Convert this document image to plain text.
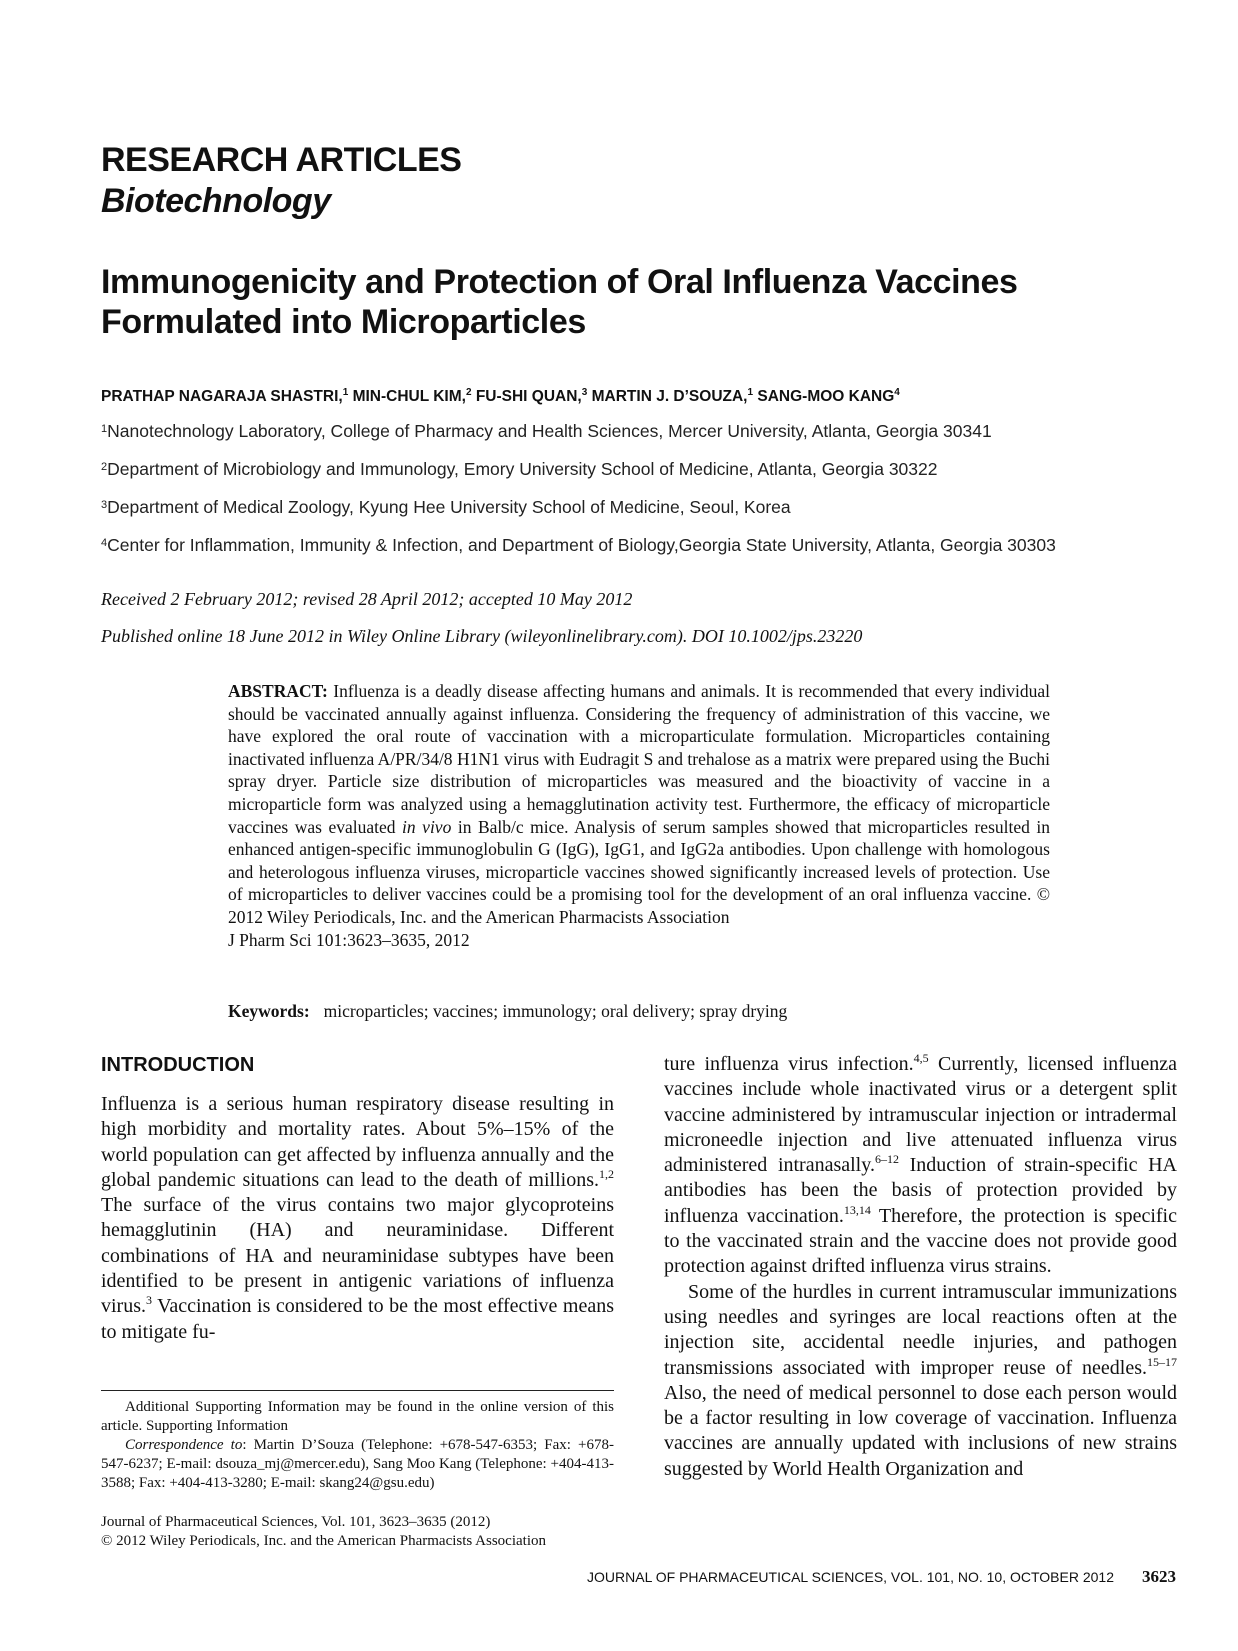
RESEARCH ARTICLES
Biotechnology
Immunogenicity and Protection of Oral Influenza Vaccines
Formulated into Microparticles
PRATHAP NAGARAJA SHASTRI,$^1$ MIN-CHUL KIM,$^2$ FU-SHI QUAN,$^3$ MARTIN J. D’SOUZA,$^1$ SANG-MOO KANG$^4$
$^1$Nanotechnology Laboratory, College of Pharmacy and Health Sciences, Mercer University, Atlanta, Georgia 30341
$^2$Department of Microbiology and Immunology, Emory University School of Medicine, Atlanta, Georgia 30322
$^3$Department of Medical Zoology, Kyung Hee University School of Medicine, Seoul, Korea
$^4$Center for Inflammation, Immunity & Infection, and Department of Biology,Georgia State University, Atlanta, Georgia 30303
Received 2 February 2012; revised 28 April 2012; accepted 10 May 2012
Published online 18 June 2012 in Wiley Online Library (wileyonlinelibrary.com). DOI 10.1002/jps.23220
ABSTRACT: Influenza is a deadly disease affecting humans and animals. It is recommended that every individual should be vaccinated annually against influenza. Considering the frequency of administration of this vaccine, we have explored the oral route of vaccination with a microparticulate formulation. Microparticles containing inactivated influenza A/PR/34/8 H1N1 virus with Eudragit S and trehalose as a matrix were prepared using the Buchi spray dryer. Particle size distribution of microparticles was measured and the bioactivity of vaccine in a microparticle form was analyzed using a hemagglutination activity test. Furthermore, the efficacy of microparticle vaccines was evaluated in vivo in Balb/c mice. Analysis of serum samples showed that microparticles resulted in enhanced antigen-specific immunoglobulin G (IgG), IgG1, and IgG2a antibodies. Upon challenge with homologous and heterologous influenza viruses, microparticle vaccines showed significantly increased levels of protection. Use of microparticles to deliver vaccines could be a promising tool for the development of an oral influenza vaccine. © 2012 Wiley Periodicals, Inc. and the American Pharmacists Association
J Pharm Sci 101:3623–3635, 2012
Keywords: microparticles; vaccines; immunology; oral delivery; spray drying
INTRODUCTION

Influenza is a serious human respiratory disease resulting in high morbidity and mortality rates. About 5%–15% of the world population can get affected by influenza annually and the global pandemic situations can lead to the death of millions.$^{1,2}$ The surface of the virus contains two major glycoproteins hemagglutinin (HA) and neuraminidase. Different combinations of HA and neuraminidase subtypes have been identified to be present in antigenic variations of influenza virus.$^3$ Vaccination is considered to be the most effective means to mitigate fu-

Additional Supporting Information may be found in the online version of this article. Supporting Information

Correspondence to: Martin D’Souza (Telephone: +678-547-6353; Fax: +678-547-6237; E-mail: dsouza_mj@mercer.edu), Sang Moo Kang (Telephone: +404-413-3588; Fax: +404-413-3280; E-mail: skang24@gsu.edu)

Journal of Pharmaceutical Sciences, Vol. 101, 3623–3635 (2012)
© 2012 Wiley Periodicals, Inc. and the American Pharmacists Association

ture influenza virus infection.$^{4,5}$ Currently, licensed influenza vaccines include whole inactivated virus or a detergent split vaccine administered by intramuscular injection or intradermal microneedle injection and live attenuated influenza virus administered intranasally.$^{6-12}$ Induction of strain-specific HA antibodies has been the basis of protection provided by influenza vaccination.$^{13,14}$ Therefore, the protection is specific to the vaccinated strain and the vaccine does not provide good protection against drifted influenza virus strains.

Some of the hurdles in current intramuscular immunizations using needles and syringes are local reactions often at the injection site, accidental needle injuries, and pathogen transmissions associated with improper reuse of needles.$^{15-17}$ Also, the need of medical personnel to dose each person would be a factor resulting in low coverage of vaccination. Influenza vaccines are annually updated with inclusions of new strains suggested by World Health Organization and

JOURNAL OF PHARMACEUTICAL SCIENCES, VOL. 101, NO. 10, OCTOBER 2012 3623
